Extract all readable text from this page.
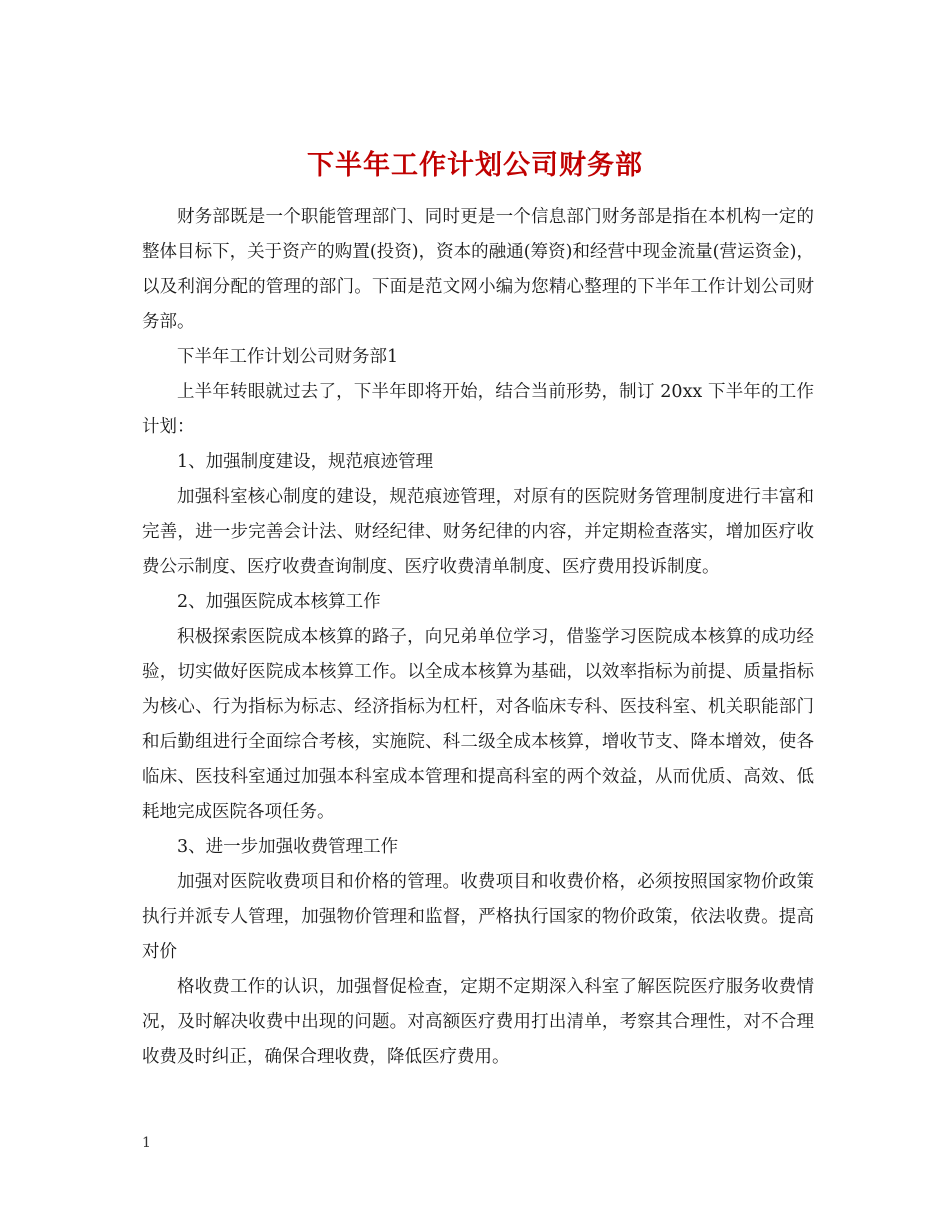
下半年工作计划公司财务部

财务部既是一个职能管理部门、同时更是一个信息部门财务部是指在本机构一定的整体目标下，关于资产的购置(投资)，资本的融通(筹资)和经营中现金流量(营运资金)，以及利润分配的管理的部门。下面是范文网小编为您精心整理的下半年工作计划公司财务部。

下半年工作计划公司财务部1

上半年转眼就过去了，下半年即将开始，结合当前形势，制订 20xx 下半年的工作计划：

1、加强制度建设，规范痕迹管理

加强科室核心制度的建设，规范痕迹管理，对原有的医院财务管理制度进行丰富和完善，进一步完善会计法、财经纪律、财务纪律的内容，并定期检查落实，增加医疗收费公示制度、医疗收费查询制度、医疗收费清单制度、医疗费用投诉制度。

2、加强医院成本核算工作

积极探索医院成本核算的路子，向兄弟单位学习，借鉴学习医院成本核算的成功经验，切实做好医院成本核算工作。以全成本核算为基础，以效率指标为前提、质量指标为核心、行为指标为标志、经济指标为杠杆，对各临床专科、医技科室、机关职能部门和后勤组进行全面综合考核，实施院、科二级全成本核算，增收节支、降本增效，使各临床、医技科室通过加强本科室成本管理和提高科室的两个效益，从而优质、高效、低耗地完成医院各项任务。

3、进一步加强收费管理工作

加强对医院收费项目和价格的管理。收费项目和收费价格，必须按照国家物价政策执行并派专人管理，加强物价管理和监督，严格执行国家的物价政策，依法收费。提高对价

格收费工作的认识，加强督促检查，定期不定期深入科室了解医院医疗服务收费情况，及时解决收费中出现的问题。对高额医疗费用打出清单，考察其合理性，对不合理收费及时纠正，确保合理收费，降低医疗费用。

1
